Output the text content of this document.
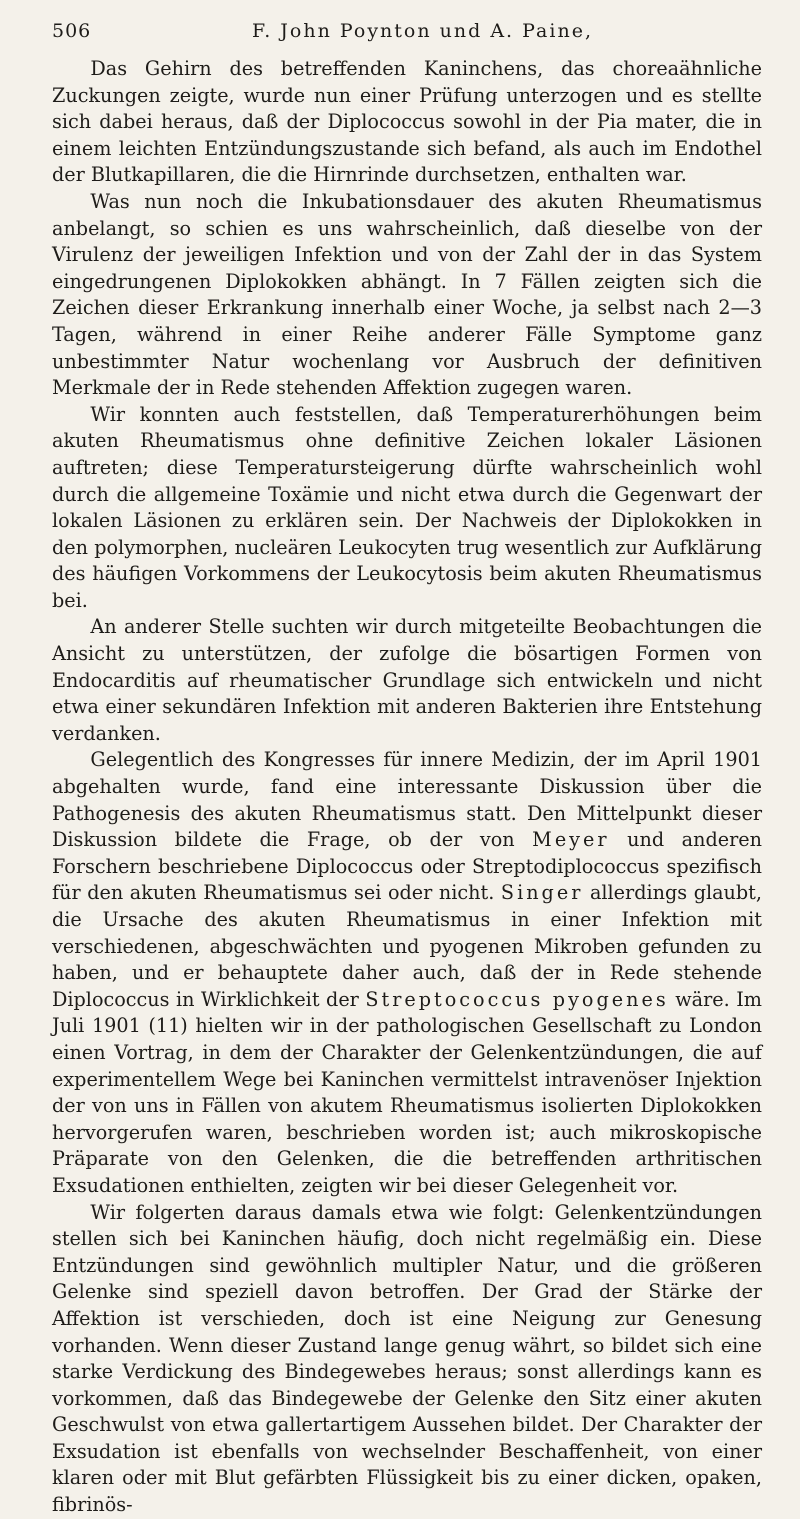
506	F. John Poynton und A. Paine,

Das Gehirn des betreffenden Kaninchens, das choreaähnliche Zuckungen zeigte, wurde nun einer Prüfung unterzogen und es stellte sich dabei heraus, daß der Diplococcus sowohl in der Pia mater, die in einem leichten Entzündungszustande sich befand, als auch im Endothel der Blutkapillaren, die die Hirnrinde durchsetzen, enthalten war.

Was nun noch die Inkubationsdauer des akuten Rheumatismus anbelangt, so schien es uns wahrscheinlich, daß dieselbe von der Virulenz der jeweiligen Infektion und von der Zahl der in das System eingedrungenen Diplokokken abhängt. In 7 Fällen zeigten sich die Zeichen dieser Erkrankung innerhalb einer Woche, ja selbst nach 2—3 Tagen, während in einer Reihe anderer Fälle Symptome ganz unbestimmter Natur wochenlang vor Ausbruch der definitiven Merkmale der in Rede stehenden Affektion zugegen waren.

Wir konnten auch feststellen, daß Temperaturerhöhungen beim akuten Rheumatismus ohne definitive Zeichen lokaler Läsionen auftreten; diese Temperatursteigerung dürfte wahrscheinlich wohl durch die allgemeine Toxämie und nicht etwa durch die Gegenwart der lokalen Läsionen zu erklären sein. Der Nachweis der Diplokokken in den polymorphen, nucleären Leukocyten trug wesentlich zur Aufklärung des häufigen Vorkommens der Leukocytosis beim akuten Rheumatismus bei.

An anderer Stelle suchten wir durch mitgeteilte Beobachtungen die Ansicht zu unterstützen, der zufolge die bösartigen Formen von Endocarditis auf rheumatischer Grundlage sich entwickeln und nicht etwa einer sekundären Infektion mit anderen Bakterien ihre Entstehung verdanken.

Gelegentlich des Kongresses für innere Medizin, der im April 1901 abgehalten wurde, fand eine interessante Diskussion über die Pathogenesis des akuten Rheumatismus statt. Den Mittelpunkt dieser Diskussion bildete die Frage, ob der von Meyer und anderen Forschern beschriebene Diplococcus oder Streptodiplococcus spezifisch für den akuten Rheumatismus sei oder nicht. Singer allerdings glaubt, die Ursache des akuten Rheumatismus in einer Infektion mit verschiedenen, abgeschwächten und pyogenen Mikroben gefunden zu haben, und er behauptete daher auch, daß der in Rede stehende Diplococcus in Wirklichkeit der Streptococcus pyogenes wäre. Im Juli 1901 (11) hielten wir in der pathologischen Gesellschaft zu London einen Vortrag, in dem der Charakter der Gelenkentzündungen, die auf experimentellem Wege bei Kaninchen vermittelst intravenöser Injektion der von uns in Fällen von akutem Rheumatismus isolierten Diplokokken hervorgerufen waren, beschrieben worden ist; auch mikroskopische Präparate von den Gelenken, die die betreffenden arthritischen Exsudationen enthielten, zeigten wir bei dieser Gelegenheit vor.

Wir folgerten daraus damals etwa wie folgt: Gelenkentzündungen stellen sich bei Kaninchen häufig, doch nicht regelmäßig ein. Diese Entzündungen sind gewöhnlich multipler Natur, und die größeren Gelenke sind speziell davon betroffen. Der Grad der Stärke der Affektion ist verschieden, doch ist eine Neigung zur Genesung vorhanden. Wenn dieser Zustand lange genug währt, so bildet sich eine starke Verdickung des Bindegewebes heraus; sonst allerdings kann es vorkommen, daß das Bindegewebe der Gelenke den Sitz einer akuten Geschwulst von etwa gallertartigem Aussehen bildet. Der Charakter der Exsudation ist ebenfalls von wechselnder Beschaffenheit, von einer klaren oder mit Blut gefärbten Flüssigkeit bis zu einer dicken, opaken, fibrinös-
